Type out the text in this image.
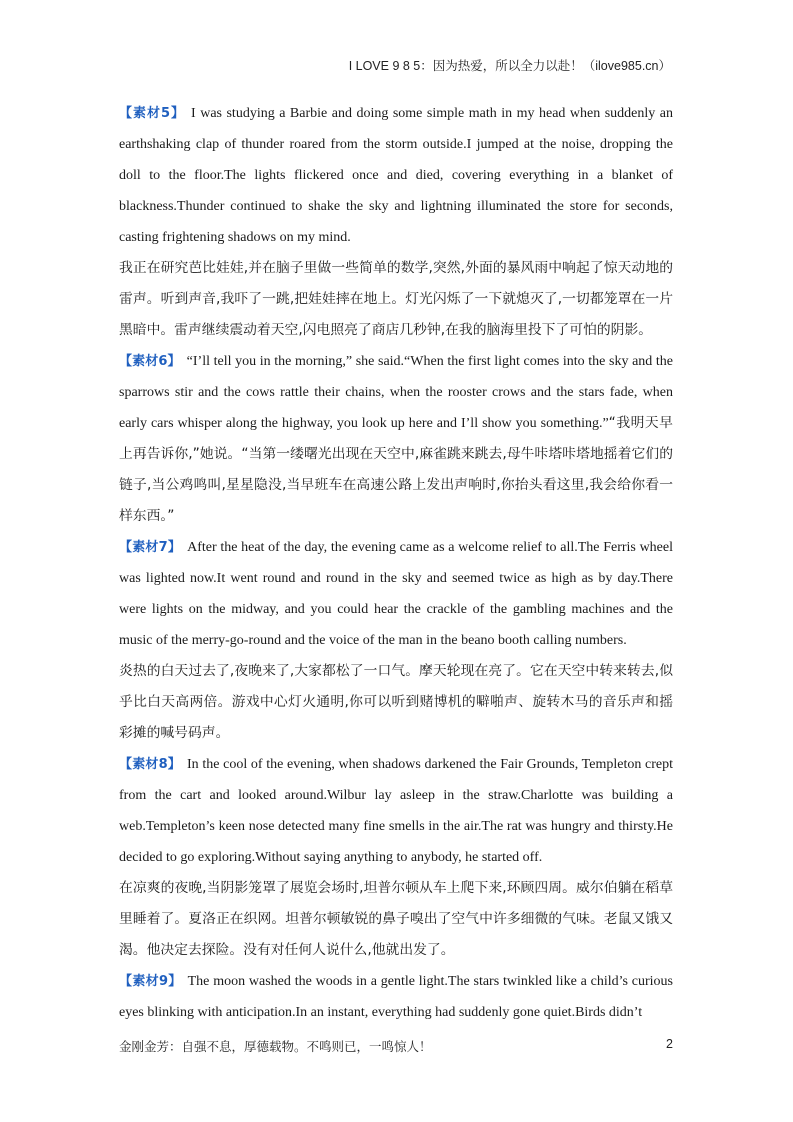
I LOVE 9 8 5：因为热爱，所以全力以赴！（ilove985.cn）

【素材5】 I was studying a Barbie and doing some simple math in my head when suddenly an earthshaking clap of thunder roared from the storm outside.I jumped at the noise, dropping the doll to the floor.The lights flickered once and died, covering everything in a blanket of blackness.Thunder continued to shake the sky and lightning illuminated the store for seconds, casting frightening shadows on my mind.

我正在研究芭比娃娃,并在脑子里做一些简单的数学,突然,外面的暴风雨中响起了惊天动地的雷声。听到声音,我吓了一跳,把娃娃摔在地上。灯光闪烁了一下就熄灭了,一切都笼罩在一片黑暗中。雷声继续震动着天空,闪电照亮了商店几秒钟,在我的脑海里投下了可怕的阴影。

【素材6】 “I’ll tell you in the morning,” she said.“When the first light comes into the sky and the sparrows stir and the cows rattle their chains, when the rooster crows and the stars fade, when early cars whisper along the highway, you look up here and I’ll show you something.”“我明天早上再告诉你,”她说。“当第一缕曙光出现在天空中,麻雀跳来跳去,母牛咔塔咔塔地摇着它们的链子,当公鸡鸣叫,星星隐没,当早班车在高速公路上发出声响时,你抬头看这里,我会给你看一样东西。”

【素材7】 After the heat of the day, the evening came as a welcome relief to all.The Ferris wheel was lighted now.It went round and round in the sky and seemed twice as high as by day.There were lights on the midway, and you could hear the crackle of the gambling machines and the music of the merry-go-round and the voice of the man in the beano booth calling numbers.

炎热的白天过去了,夜晚来了,大家都松了一口气。摩天轮现在亮了。它在天空中转来转去,似乎比白天高两倍。游戏中心灯火通明,你可以听到赌博机的噼啪声、旋转木马的音乐声和摇彩摊的喊号码声。

【素材8】 In the cool of the evening, when shadows darkened the Fair Grounds, Templeton crept from the cart and looked around.Wilbur lay asleep in the straw.Charlotte was building a web.Templeton’s keen nose detected many fine smells in the air.The rat was hungry and thirsty.He decided to go exploring.Without saying anything to anybody, he started off.

在凉爽的夜晚,当阴影笼罩了展览会场时,坦普尔顿从车上爬下来,环顾四周。威尔伯躺在稻草里睡着了。夏洛正在织网。坦普尔顿敏锐的鼻子嗅出了空气中许多细微的气味。老鼠又饿又渴。他决定去探险。没有对任何人说什么,他就出发了。

【素材9】 The moon washed the woods in a gentle light.The stars twinkled like a child’s curious eyes blinking with anticipation.In an instant, everything had suddenly gone quiet.Birds didn’t

金刚金芳：自强不息，厚德载物。不鸣则已，一鸣惊人！	2
